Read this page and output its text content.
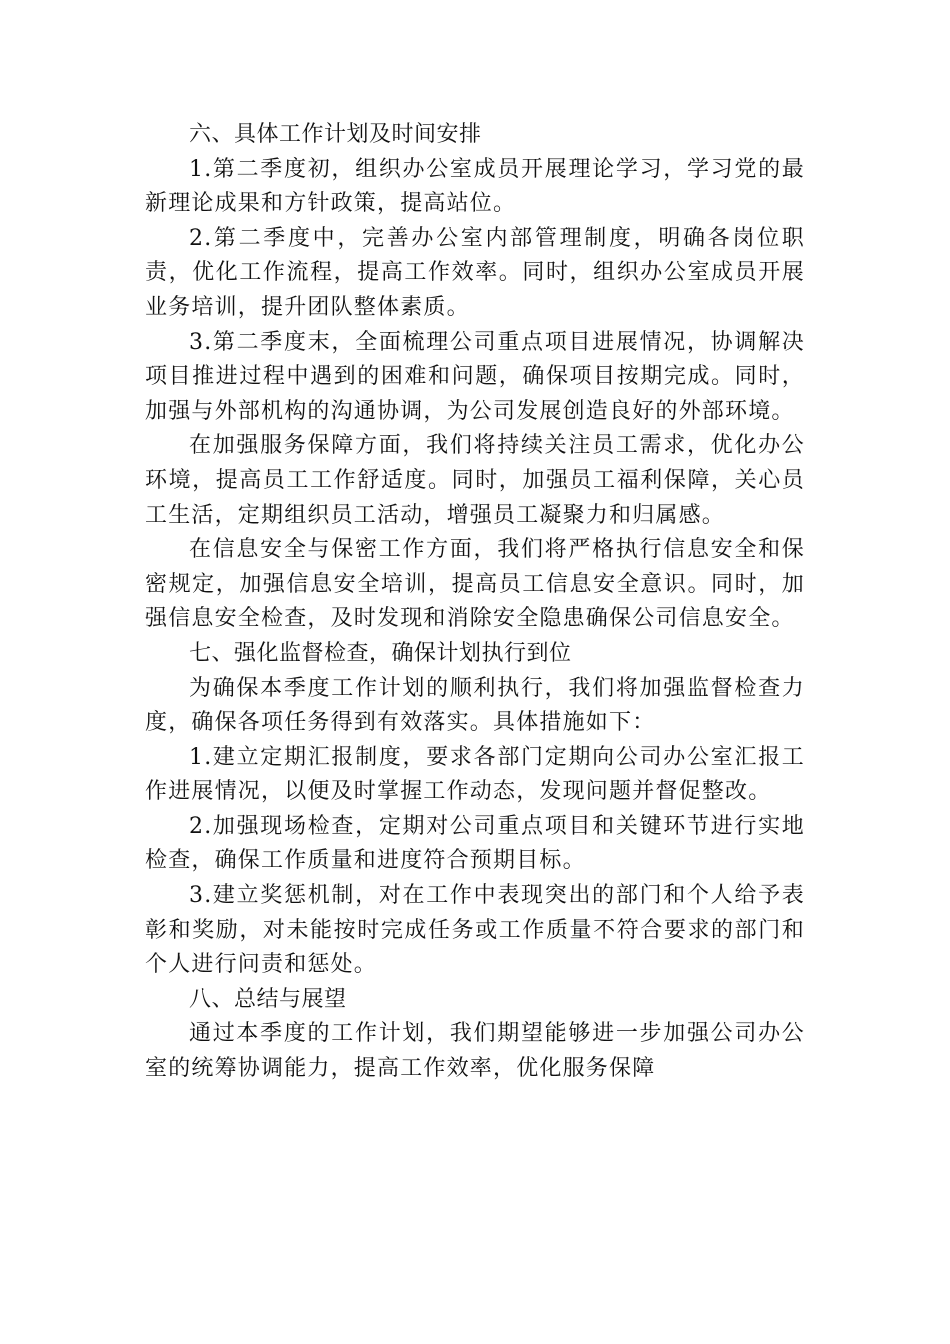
六、具体工作计划及时间安排

1.第二季度初，组织办公室成员开展理论学习，学习党的最新理论成果和方针政策，提高站位。

2.第二季度中，完善办公室内部管理制度，明确各岗位职责，优化工作流程，提高工作效率。同时，组织办公室成员开展业务培训，提升团队整体素质。

3.第二季度末，全面梳理公司重点项目进展情况，协调解决项目推进过程中遇到的困难和问题，确保项目按期完成。同时，加强与外部机构的沟通协调，为公司发展创造良好的外部环境。

在加强服务保障方面，我们将持续关注员工需求，优化办公环境，提高员工工作舒适度。同时，加强员工福利保障，关心员工生活，定期组织员工活动，增强员工凝聚力和归属感。

在信息安全与保密工作方面，我们将严格执行信息安全和保密规定，加强信息安全培训，提高员工信息安全意识。同时，加强信息安全检查，及时发现和消除安全隐患确保公司信息安全。

七、强化监督检查，确保计划执行到位

为确保本季度工作计划的顺利执行，我们将加强监督检查力度，确保各项任务得到有效落实。具体措施如下：

1.建立定期汇报制度，要求各部门定期向公司办公室汇报工作进展情况，以便及时掌握工作动态，发现问题并督促整改。

2.加强现场检查，定期对公司重点项目和关键环节进行实地检查，确保工作质量和进度符合预期目标。

3.建立奖惩机制，对在工作中表现突出的部门和个人给予表彰和奖励，对未能按时完成任务或工作质量不符合要求的部门和个人进行问责和惩处。

八、总结与展望

通过本季度的工作计划，我们期望能够进一步加强公司办公室的统筹协调能力，提高工作效率，优化服务保障
